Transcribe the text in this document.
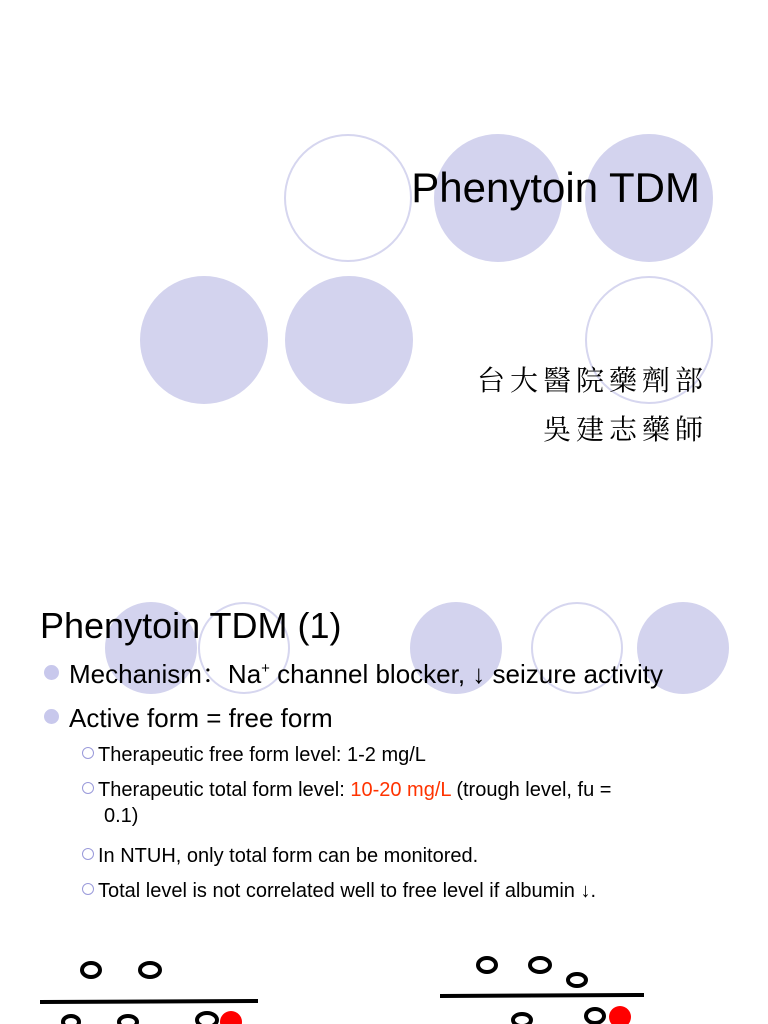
Phenytoin TDM
台大醫院藥劑部
吳建志藥師
Phenytoin TDM (1)
Mechanism：Na+ channel blocker, ↓ seizure activity
Active form = free form
Therapeutic free form level: 1-2 mg/L
Therapeutic total form level: 10-20 mg/L (trough level, fu =
0.1)
In NTUH, only total form can be monitored.
Total level is not correlated well to free level if albumin ↓.
